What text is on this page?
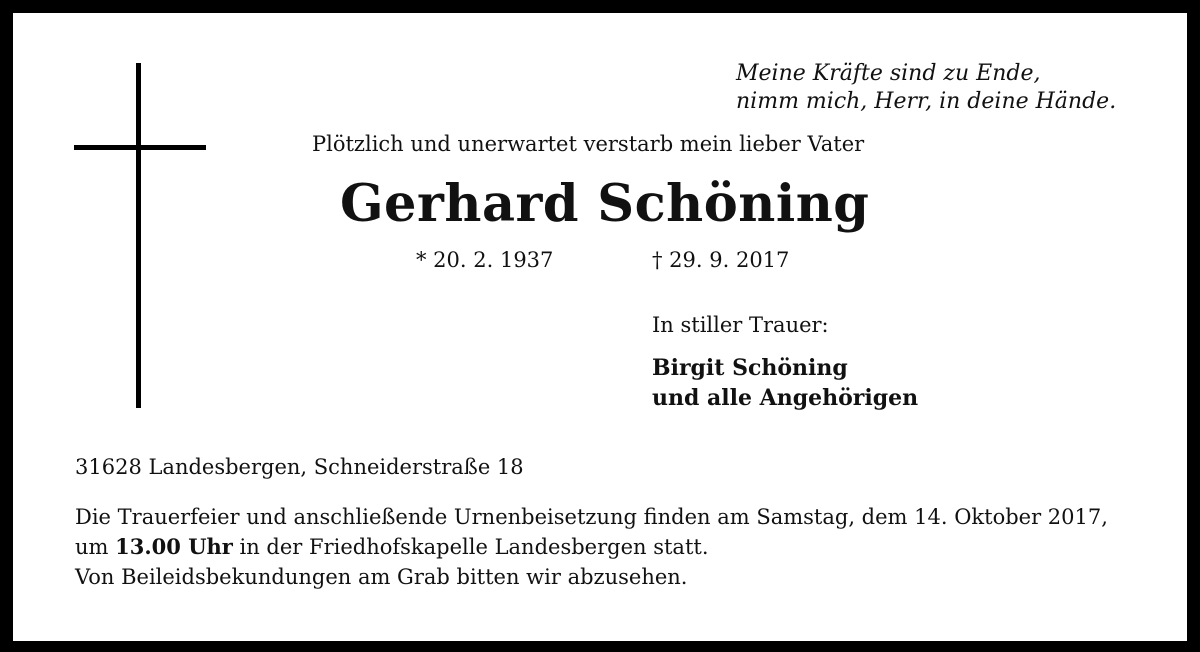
Meine Kräfte sind zu Ende,
nimm mich, Herr, in deine Hände.
Plötzlich und unerwartet verstarb mein lieber Vater
Gerhard Schöning
* 20. 2. 1937	† 29. 9. 2017
In stiller Trauer:
Birgit Schöning
und alle Angehörigen
31628 Landesbergen, Schneiderstraße 18
Die Trauerfeier und anschließende Urnenbeisetzung finden am Samstag, dem 14. Oktober 2017, um 13.00 Uhr in der Friedhofskapelle Landesbergen statt.
Von Beileidsbekundungen am Grab bitten wir abzusehen.
